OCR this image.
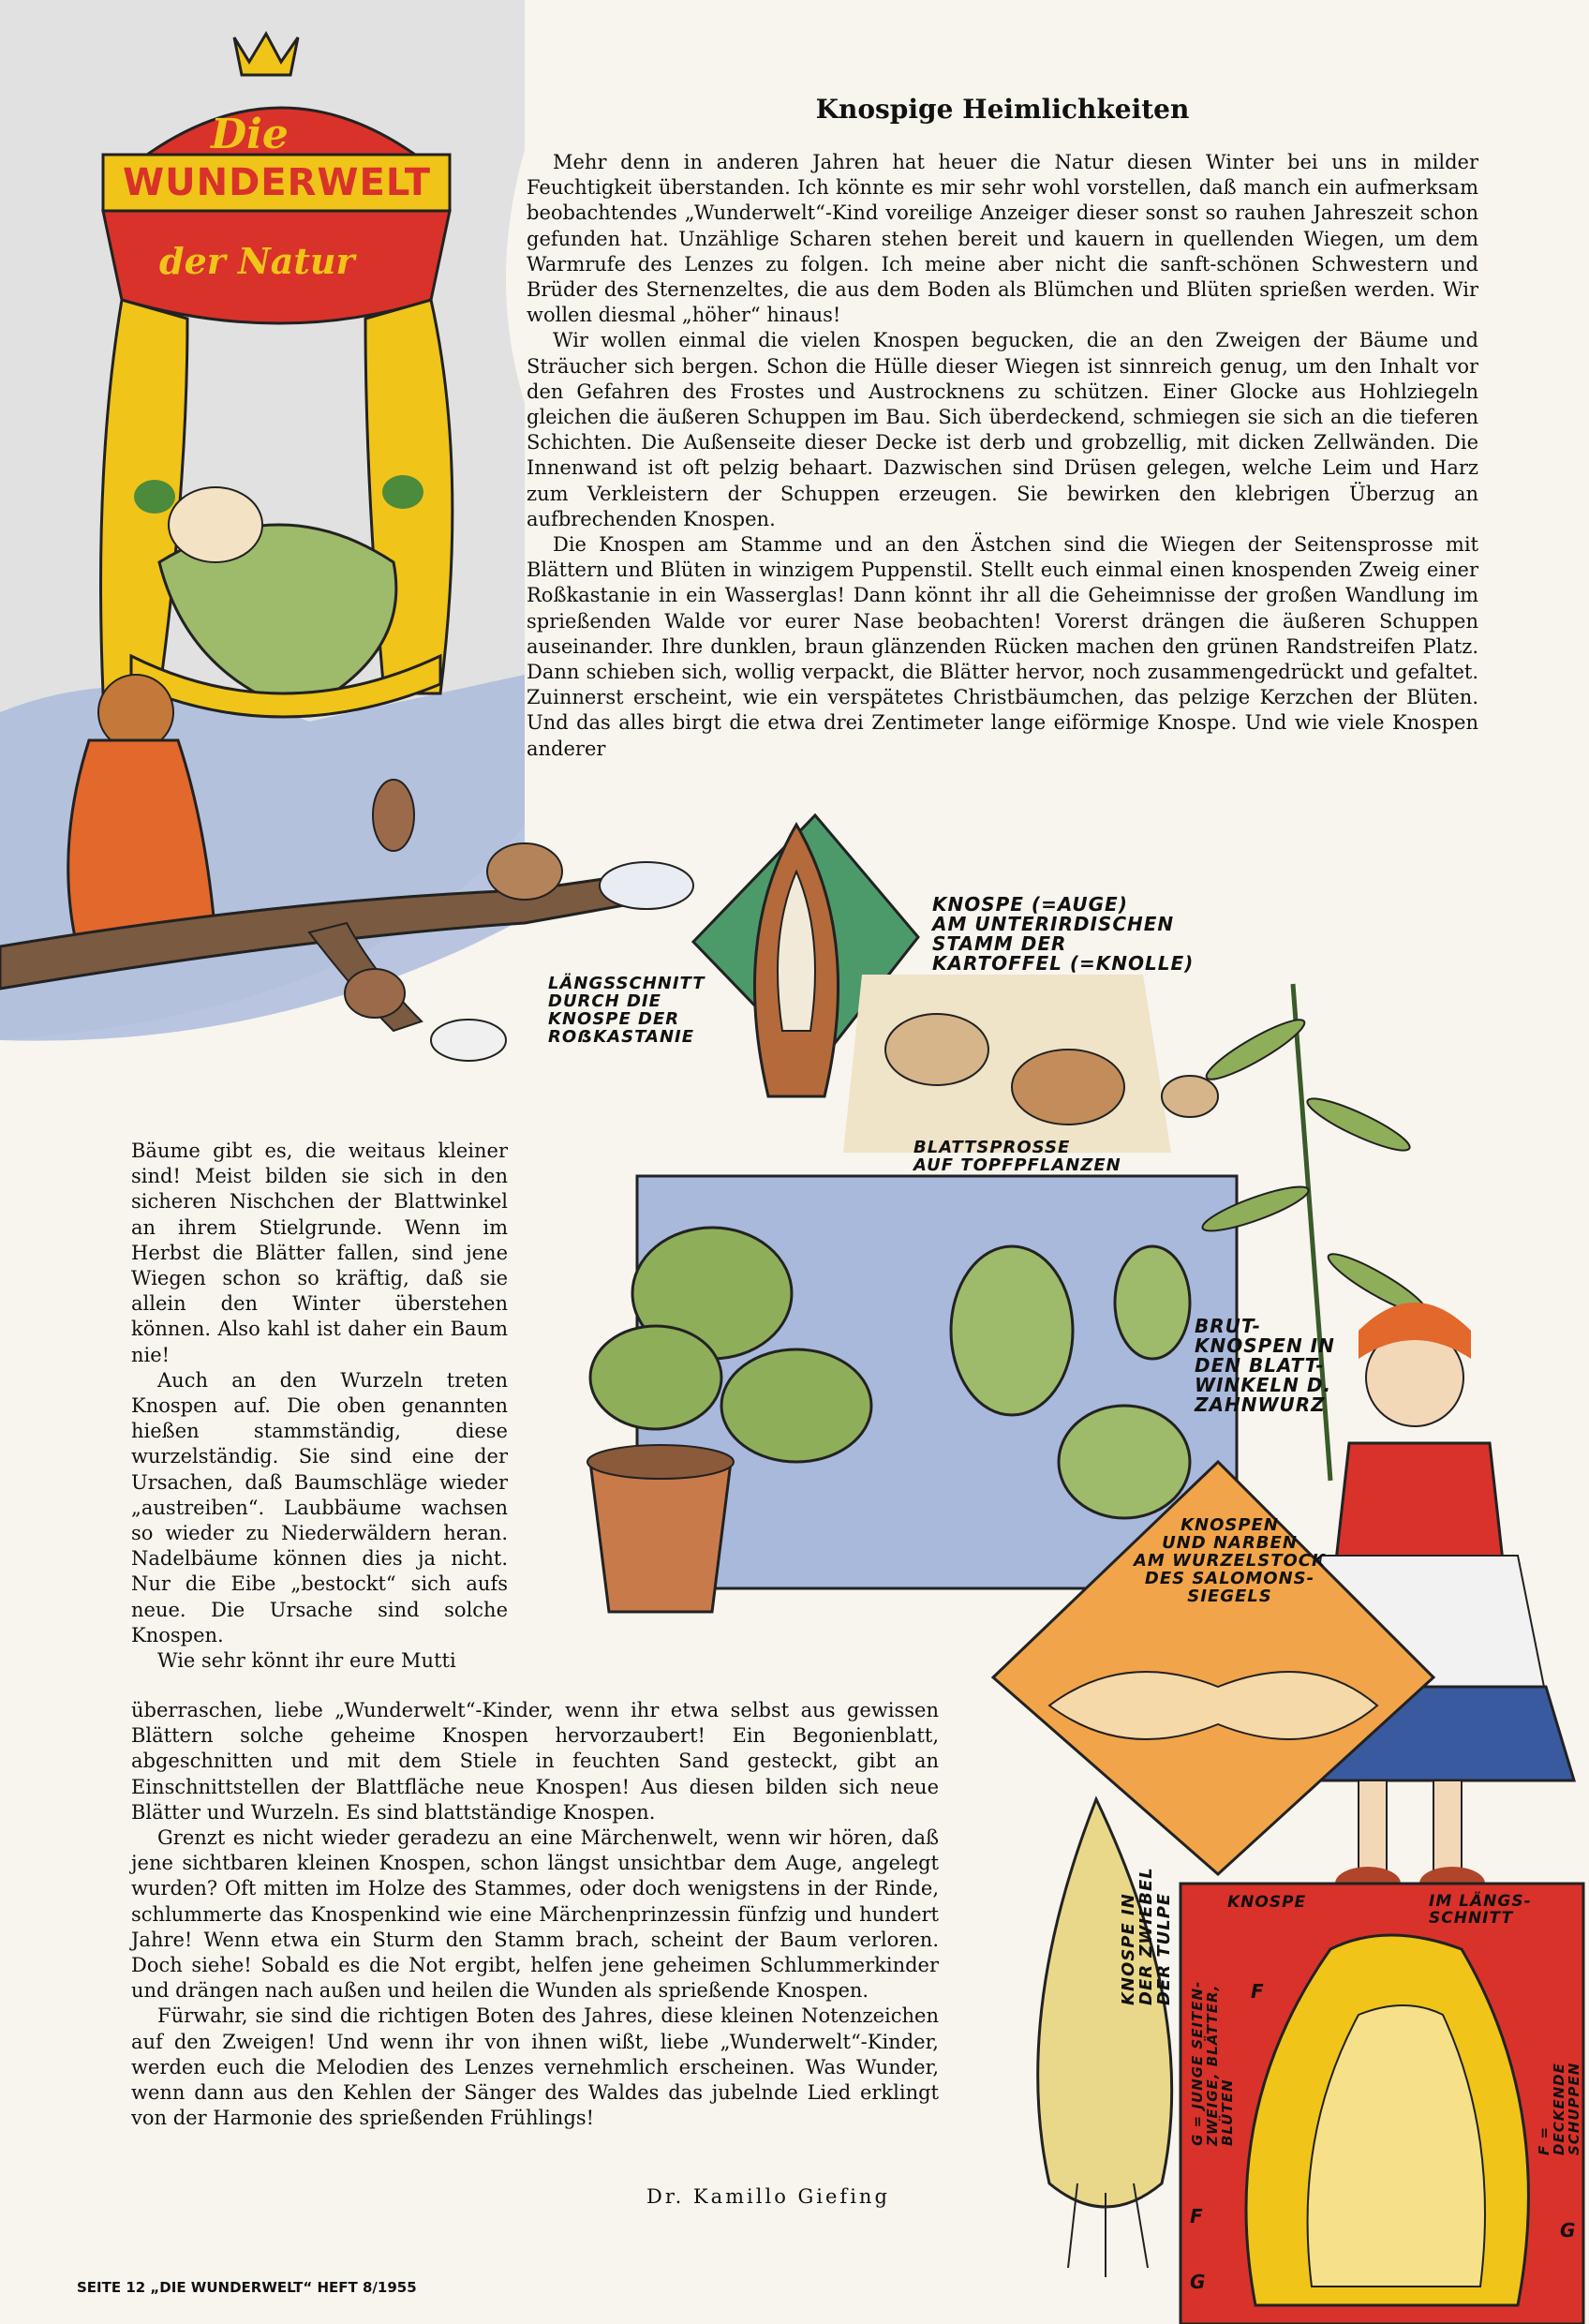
Die
WUNDERWELT
der Natur
Knospige Heimlichkeiten

Mehr denn in anderen Jahren hat heuer die Natur diesen Winter bei uns in milder Feuchtigkeit überstanden. Ich könnte es mir sehr wohl vorstellen, daß manch ein aufmerksam beobachtendes „Wunderwelt“-Kind voreilige Anzeiger dieser sonst so rauhen Jahreszeit schon gefunden hat. Unzählige Scharen stehen bereit und kauern in quellenden Wiegen, um dem Warmrufe des Lenzes zu folgen. Ich meine aber nicht die sanft-schönen Schwestern und Brüder des Sternenzeltes, die aus dem Boden als Blümchen und Blüten sprießen werden. Wir wollen diesmal „höher“ hinaus!

Wir wollen einmal die vielen Knospen begucken, die an den Zweigen der Bäume und Sträucher sich bergen. Schon die Hülle dieser Wiegen ist sinnreich genug, um den Inhalt vor den Gefahren des Frostes und Austrocknens zu schützen. Einer Glocke aus Hohlziegeln gleichen die äußeren Schuppen im Bau. Sich überdeckend, schmiegen sie sich an die tieferen Schichten. Die Außenseite dieser Decke ist derb und grobzellig, mit dicken Zellwänden. Die Innenwand ist oft pelzig behaart. Dazwischen sind Drüsen gelegen, welche Leim und Harz zum Verkleistern der Schuppen erzeugen. Sie bewirken den klebrigen Überzug an aufbrechenden Knospen.

Die Knospen am Stamme und an den Ästchen sind die Wiegen der Seitensprosse mit Blättern und Blüten in winzigem Puppenstil. Stellt euch einmal einen knospenden Zweig einer Roßkastanie in ein Wasserglas! Dann könnt ihr all die Geheimnisse der großen Wandlung im sprießenden Walde vor eurer Nase beobachten! Vorerst drängen die äußeren Schuppen auseinander. Ihre dunklen, braun glänzenden Rücken machen den grünen Randstreifen Platz. Dann schieben sich, wollig verpackt, die Blätter hervor, noch zusammengedrückt und gefaltet. Zuinnerst erscheint, wie ein verspätetes Christbäumchen, das pelzige Kerzchen der Blüten. Und das alles birgt die etwa drei Zentimeter lange eiförmige Knospe. Und wie viele Knospen anderer

Bäume gibt es, die weitaus kleiner sind! Meist bilden sie sich in den sicheren Nischchen der Blattwinkel an ihrem Stielgrunde. Wenn im Herbst die Blätter fallen, sind jene Wiegen schon so kräftig, daß sie allein den Winter überstehen können. Also kahl ist daher ein Baum nie!

Auch an den Wurzeln treten Knospen auf. Die oben genannten hießen stammständig, diese wurzelständig. Sie sind eine der Ursachen, daß Baumschläge wieder „austreiben“. Laubbäume wachsen so wieder zu Niederwäldern heran. Nadelbäume können dies ja nicht. Nur die Eibe „bestockt“ sich aufs neue. Die Ursache sind solche Knospen.

Wie sehr könnt ihr eure Mutti

überraschen, liebe „Wunderwelt“-Kinder, wenn ihr etwa selbst aus gewissen Blättern solche geheime Knospen hervorzaubert! Ein Begonienblatt, abgeschnitten und mit dem Stiele in feuchten Sand gesteckt, gibt an Einschnittstellen der Blattfläche neue Knospen! Aus diesen bilden sich neue Blätter und Wurzeln. Es sind blattständige Knospen.

Grenzt es nicht wieder geradezu an eine Märchenwelt, wenn wir hören, daß jene sichtbaren kleinen Knospen, schon längst unsichtbar dem Auge, angelegt wurden? Oft mitten im Holze des Stammes, oder doch wenigstens in der Rinde, schlummerte das Knospenkind wie eine Märchenprinzessin fünfzig und hundert Jahre! Wenn etwa ein Sturm den Stamm brach, scheint der Baum verloren. Doch siehe! Sobald es die Not ergibt, helfen jene geheimen Schlummerkinder und drängen nach außen und heilen die Wunden als sprießende Knospen.

Fürwahr, sie sind die richtigen Boten des Jahres, diese kleinen Notenzeichen auf den Zweigen! Und wenn ihr von ihnen wißt, liebe „Wunderwelt“-Kinder, werden euch die Melodien des Lenzes vernehmlich erscheinen. Was Wunder, wenn dann aus den Kehlen der Sänger des Waldes das jubelnde Lied erklingt von der Harmonie des sprießenden Frühlings!

Dr. Kamillo Giefing
LÄNGSSCHNITT
DURCH DIE
KNOSPE DER
ROẞKASTANIE
KNOSPE (=AUGE)
AM UNTERIRDISCHEN
STAMM DER
KARTOFFEL (=KNOLLE)
BLATTSPROSSE
AUF TOPFPFLANZEN
BRUT-
KNOSPEN IN
DEN BLATT-
WINKELN D.
ZAHNWURZ
KNOSPEN
UND NARBEN
AM WURZELSTOCK
DES SALOMONS-
SIEGELS
KNOSPE IN
DER ZWIEBEL
DER TULPE	KNOSPE	IM LÄNGS-
SCHNITT
G = JUNGE SEITEN-
ZWEIGE, BLÄTTER,
BLÜTEN
F = DECKENDE
SCHUPPEN
F
F
G
G
SEITE 12 „DIE WUNDERWELT“ HEFT 8/1955
